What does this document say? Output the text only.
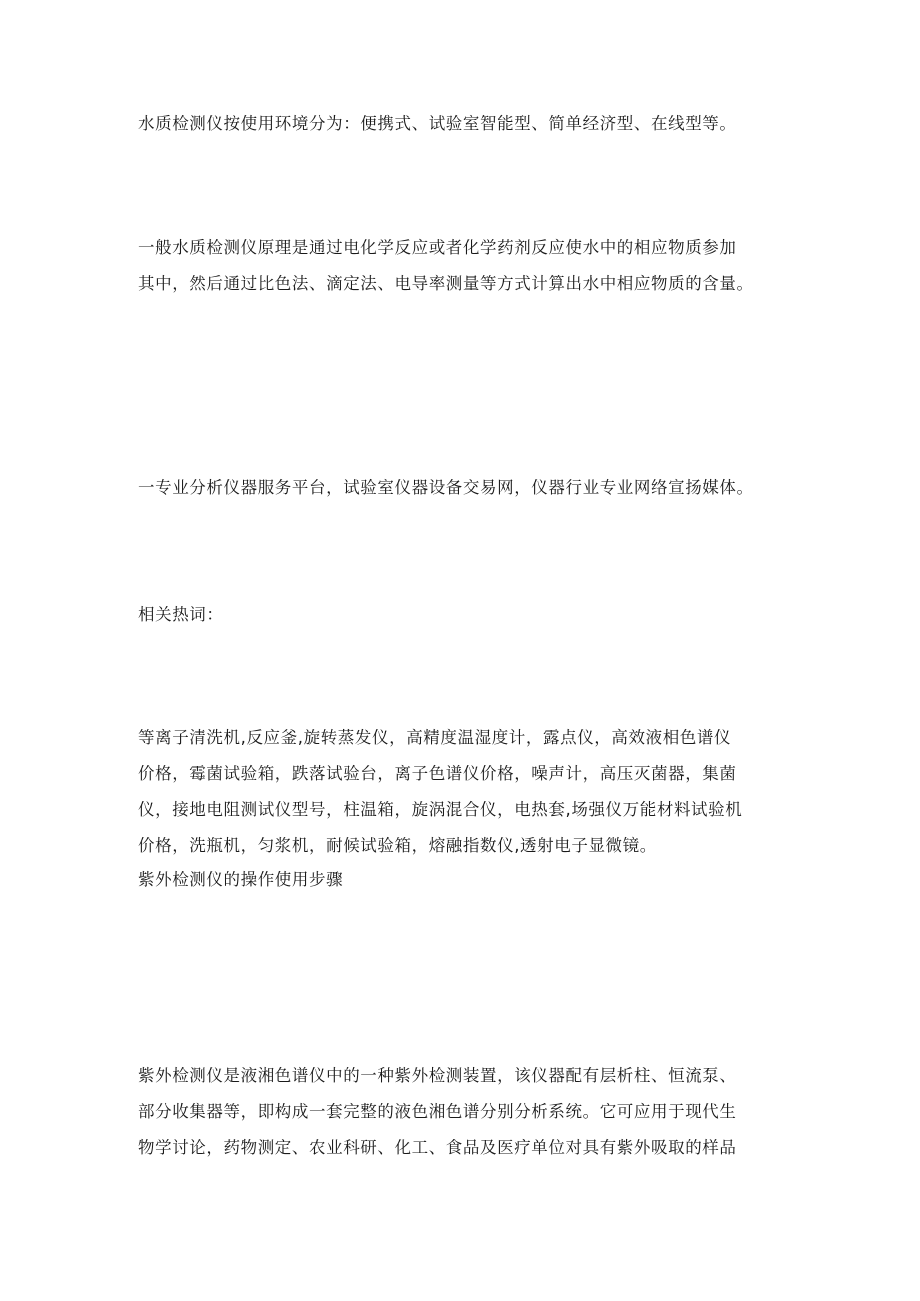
水质检测仪按使用环境分为：便携式、试验室智能型、简单经济型、在线型等。
一般水质检测仪原理是通过电化学反应或者化学药剂反应使水中的相应物质参加
其中，然后通过比色法、滴定法、电导率测量等方式计算出水中相应物质的含量。
一专业分析仪器服务平台，试验室仪器设备交易网，仪器行业专业网络宣扬媒体。
相关热词：
等离子清洗机,反应釜,旋转蒸发仪，高精度温湿度计，露点仪，高效液相色谱仪
价格，霉菌试验箱，跌落试验台，离子色谱仪价格，噪声计，高压灭菌器，集菌
仪，接地电阻测试仪型号，柱温箱，旋涡混合仪，电热套,场强仪万能材料试验机
价格，洗瓶机，匀浆机，耐候试验箱，熔融指数仪,透射电子显微镜。
紫外检测仪的操作使用步骤
紫外检测仪是液湘色谱仪中的一种紫外检测装置，该仪器配有层析柱、恒流泵、
部分收集器等，即构成一套完整的液色湘色谱分别分析系统。它可应用于现代生
物学讨论，药物测定、农业科研、化工、食品及医疗单位对具有紫外吸取的样品
